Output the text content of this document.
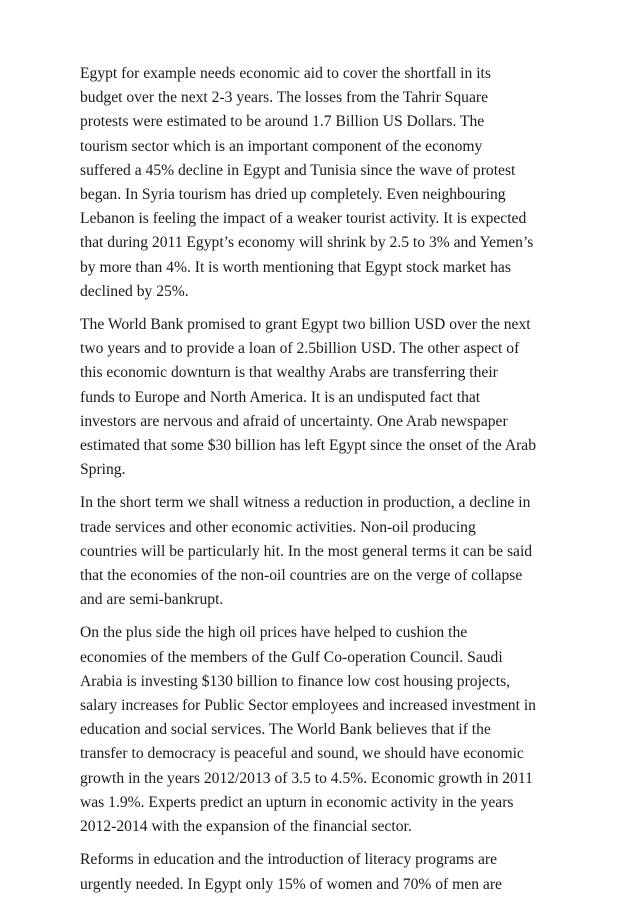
Egypt for example needs economic aid to cover the shortfall in its
budget over the next 2-3 years. The losses from the Tahrir Square
protests were estimated to be around 1.7 Billion US Dollars. The
tourism sector which is an important component of the economy
suffered a 45% decline in Egypt and Tunisia since the wave of protest
began. In Syria tourism has dried up completely. Even neighbouring
Lebanon is feeling the impact of a weaker tourist activity. It is expected
that during 2011 Egypt’s economy will shrink by 2.5 to 3% and Yemen’s
by more than 4%. It is worth mentioning that Egypt stock market has
declined by 25%.

The World Bank promised to grant Egypt two billion USD over the next
two years and to provide a loan of 2.5billion USD. The other aspect of
this economic downturn is that wealthy Arabs are transferring their
funds to Europe and North America. It is an undisputed fact that
investors are nervous and afraid of uncertainty. One Arab newspaper
estimated that some $30 billion has left Egypt since the onset of the Arab
Spring.

In the short term we shall witness a reduction in production, a decline in
trade services and other economic activities. Non-oil producing
countries will be particularly hit. In the most general terms it can be said
that the economies of the non-oil countries are on the verge of collapse
and are semi-bankrupt.

On the plus side the high oil prices have helped to cushion the
economies of the members of the Gulf Co-operation Council. Saudi
Arabia is investing $130 billion to finance low cost housing projects,
salary increases for Public Sector employees and increased investment in
education and social services. The World Bank believes that if the
transfer to democracy is peaceful and sound, we should have economic
growth in the years 2012/2013 of 3.5 to 4.5%. Economic growth in 2011
was 1.9%. Experts predict an upturn in economic activity in the years
2012-2014 with the expansion of the financial sector.

Reforms in education and the introduction of literacy programs are
urgently needed. In Egypt only 15% of women and 70% of men are
